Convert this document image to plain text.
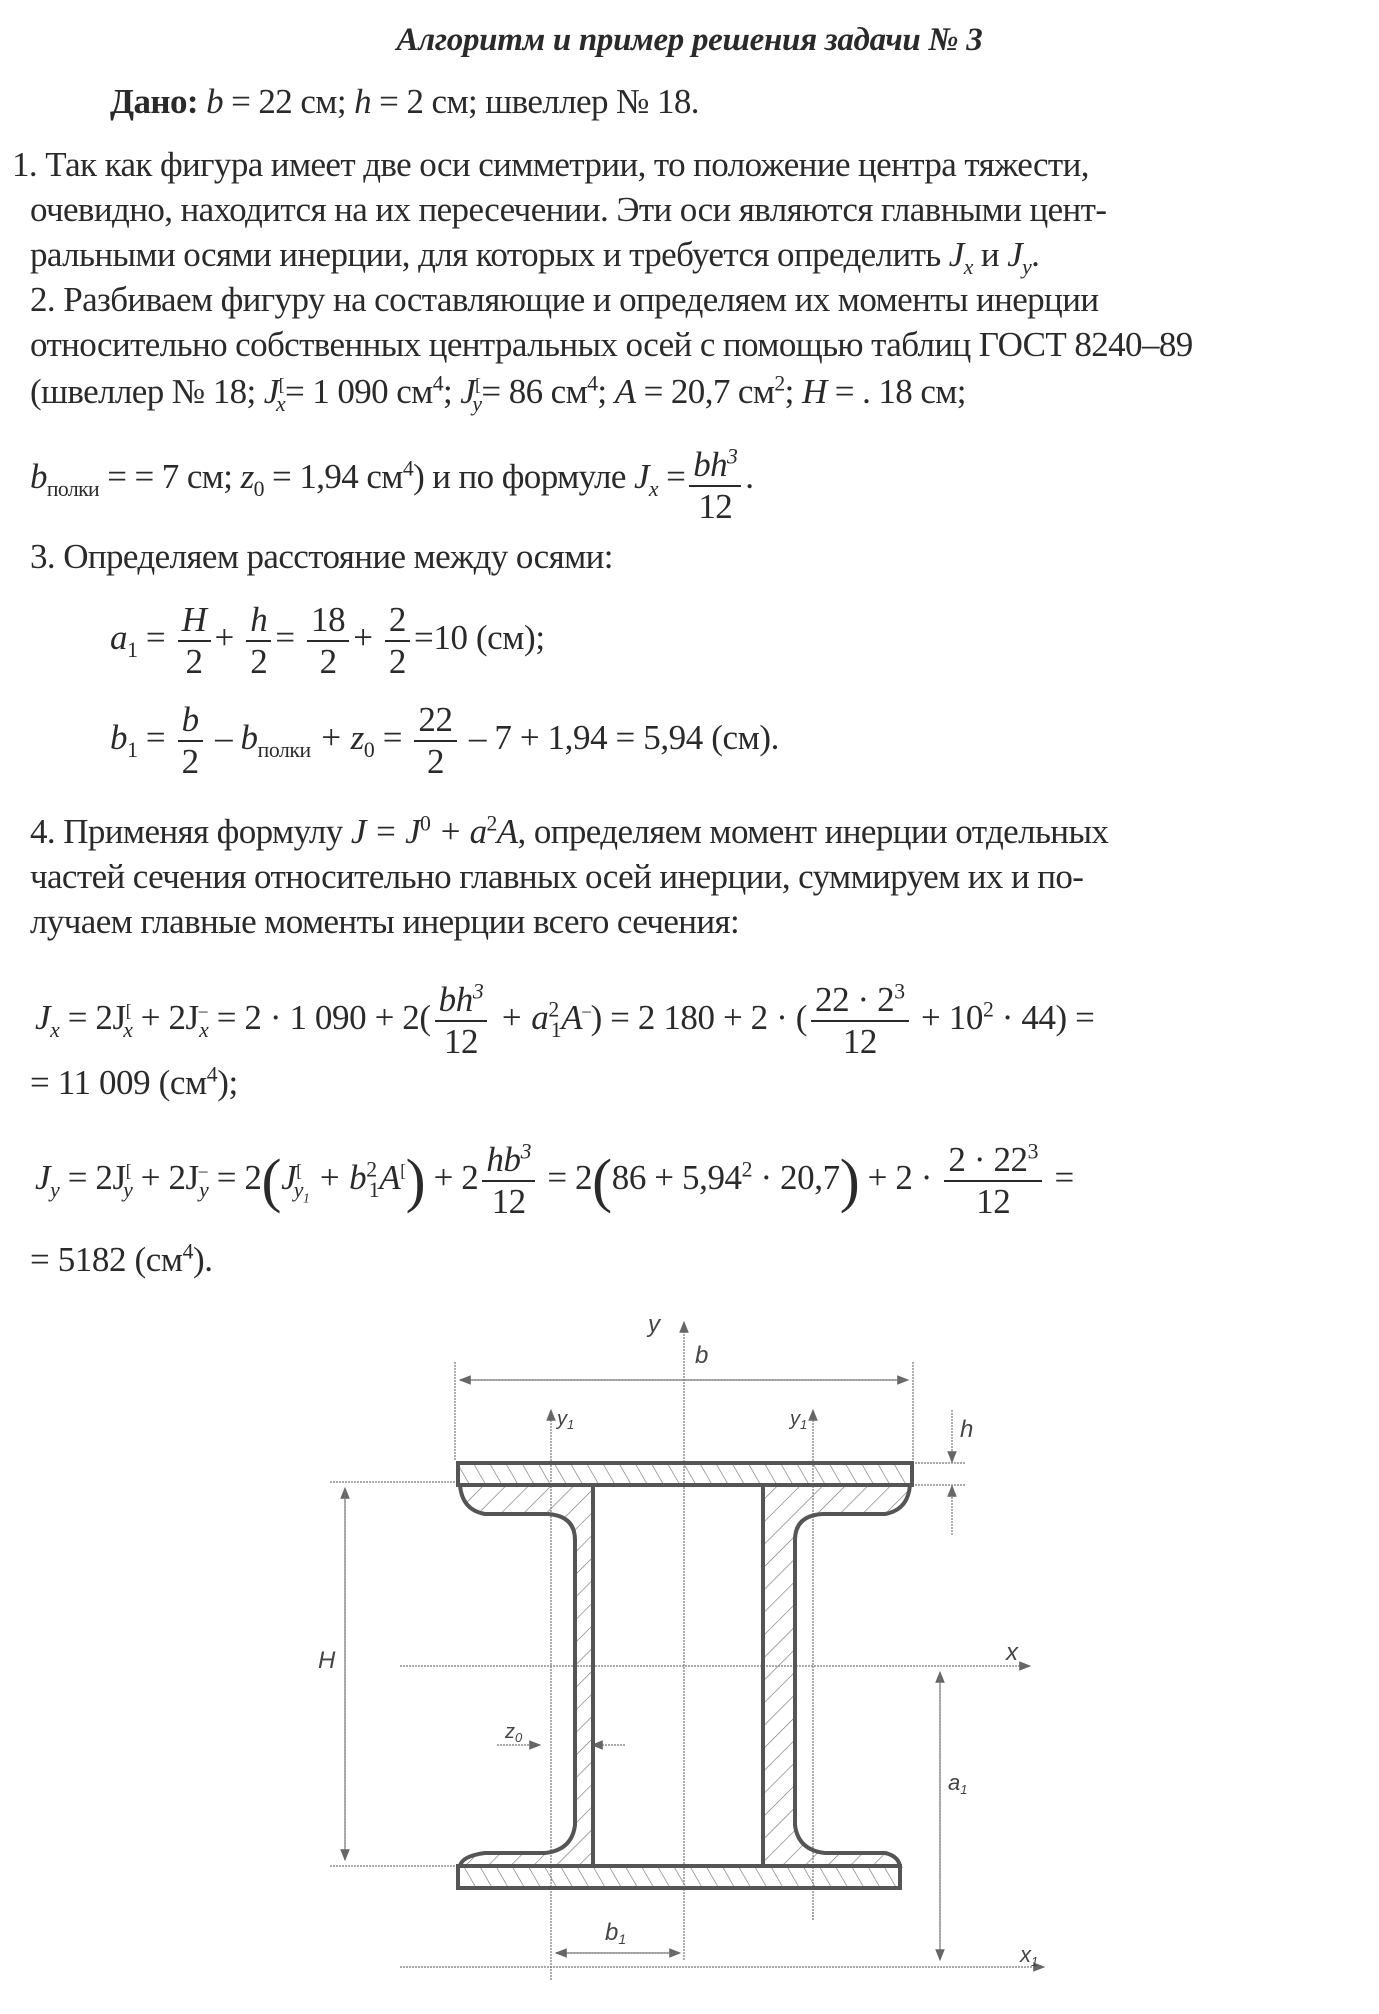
Алгоритм и пример решения задачи № 3
Дано: b = 22 см; h = 2 см; швеллер № 18.
1. Так как фигура имеет две оси симметрии, то положение центра тяжести,
очевидно, находится на их пересечении. Эти оси являются главными цент-
ральными осями инерции, для которых и требуется определить $J_x$ и $J_y$.
2. Разбиваем фигуру на составляющие и определяем их моменты инерции
относительно собственных центральных осей с помощью таблиц ГОСТ 8240–89
(швеллер № 18; $J^[_x= 1$ 090 $см^4$; $J^[_y= 86$ $см^4$; A = 20,7 $см^2$; H = . 18 см;
$b_{полки}$ = = 7 см; $z_0 = 1,94$ $см^4$) и по формуле $J_x = \frac{bh^3}{12}$ .
3. Определяем расстояние между осями:
$a_1 = \frac{H}{2} + \frac{h}{2} = \frac{18}{2} + \frac{2}{2} =10$ (см);
$b_1 = \frac{b}{2} - b_{полки} + z_0 = \frac{22}{2} - 7 + 1,94 = 5,94$ (см).
4. Применяя формулу $J = J^0 + a^2A$, определяем момент инерции отдельных
частей сечения относительно главных осей инерции, суммируем их и по-
лучаем главные моменты инерции всего сечения:
$J_x = 2J^[_x + 2J^-_x = 2 \cdot 1$ $090 + 2( \frac{bh^3}{12} + a^2_1A^-) = 2$ 180 + 2 · ( $\frac{22 \cdot 2^3}{12} + 10^2 \cdot 44$) =
= 11 009 $(см^4)$;
$J_y = 2J^[_y + 2J^-_y = 2(J^[_{y_1} + b^2_1A^[) + 2 \frac{hb^3}{12} = 2(86 + 5,94^2 \cdot 20,7) + 2 \cdot \frac{2 \cdot 22^3}{12}$ =
= 5182 $(см^4)$.
y
b
$y_1$	$y_1$	h
H	x
$z_0$
a1
x1
b1
